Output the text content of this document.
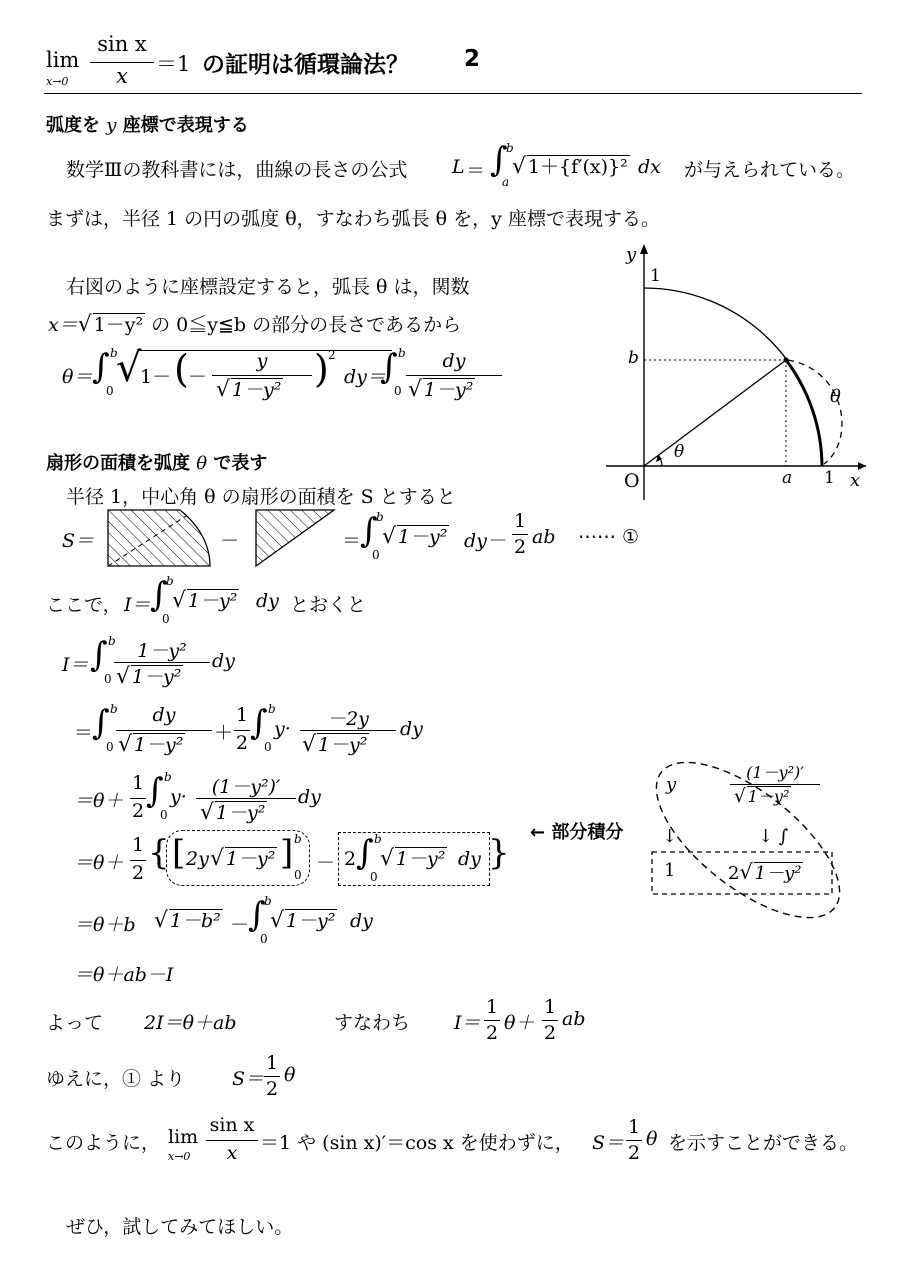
lim
x→0
sin x
x	＝1 の証明は循環論法？ 2
弧度を y 座標で表現する
数学Ⅲの教科書には，曲線の長さの公式 L ＝ ∫
b
a
√ 1＋{f′(x)}² dx が与えられている。
まずは，半径 1 の円の弧度 θ，すなわち弧長 θ を，y 座標で表現する。
右図のように座標設定すると，弧長 θ は，関数
x＝√ 1－y² の 0≦y≦b の部分の長さであるから
θ＝ ∫ b
0 √
1－ ( －
y
√ 1－y² ) 2
dy＝
∫ b
0
dy
√ 1－y²
y
x
O
1
1
a
b
θ
θ
扇形の面積を弧度 θ で表す
半径 1，中心角 θ の扇形の面積を S とすると
S＝	－	＝
∫
b
0
√ 1－y² dy－
1
2 ab ⋯⋯ ①
ここで， I＝ ∫
b
0
√ 1－y² dy とおくと
I＝ ∫ b
0
1－y²
√ 1－y²
dy
＝
∫ b
0
dy
√ 1－y²
＋
1
2 ∫ b
0
y·	－2y
√ 1－y²
dy
＝θ＋
1
2 ∫ b
0
y·	(1－y²)′
√ 1－y²
dy
＝θ＋
1
2 { [ 2y √ 1－y² ] b
0
－ 2 ∫ b
0
√ 1－y² dy }
＝θ＋b √ 1－b² －
∫
b
0
√ 1－y² dy
＝θ＋ab－I
← 部分積分
y
(1－y²)′
√ 1－y²
↓	↓ ∫
1	2√ 1－y²
よって 2I＝θ＋ab	すなわち I＝
1
2 θ＋
1
2
ab
ゆえに，① より S＝
1
2
θ
このように， lim
x→0
sin x
x	＝1 や (sin x)′＝cos x を使わずに， S＝
1
2
θ を示すことができる。
ぜひ，試してみてほしい。
